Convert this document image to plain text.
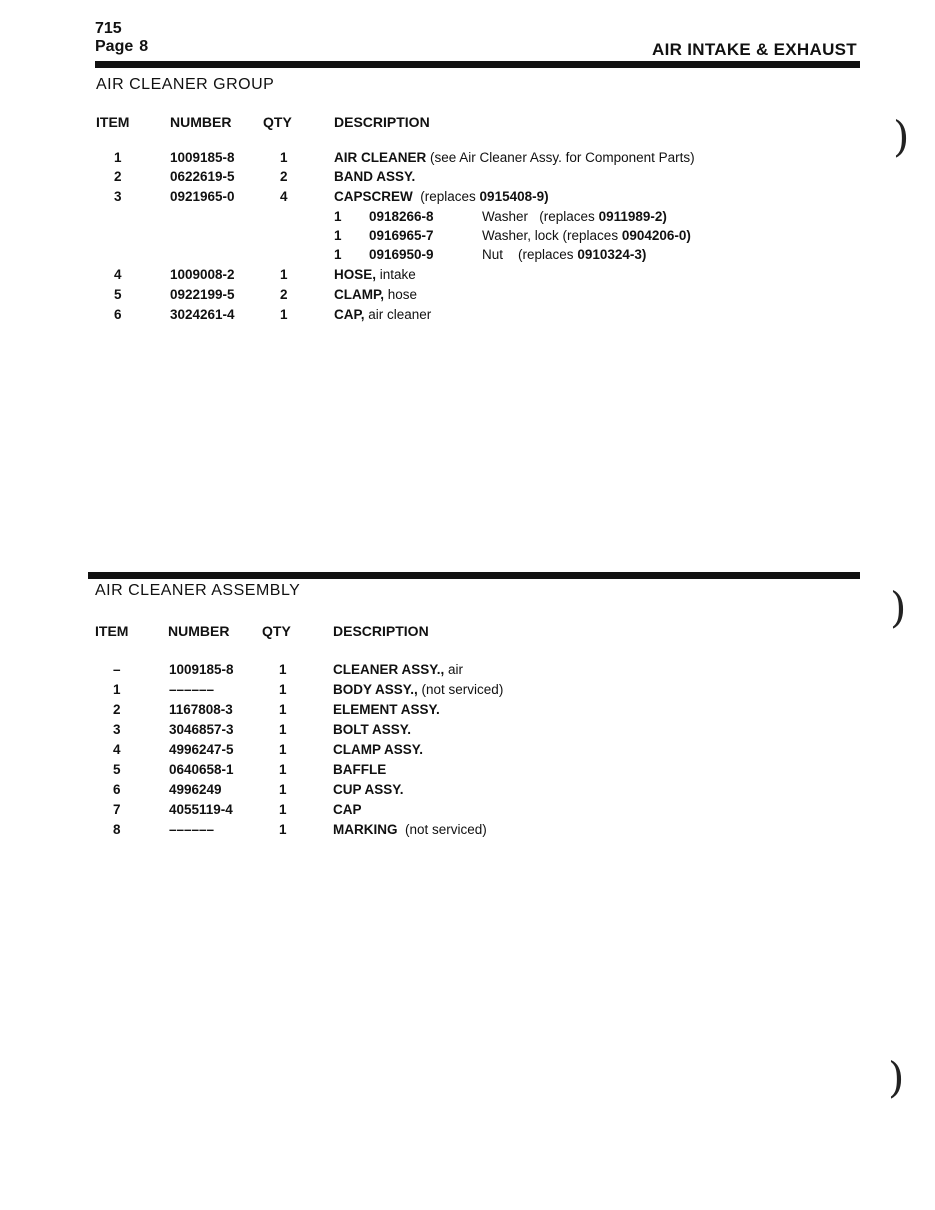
715
Page 8	AIR INTAKE & EXHAUST
AIR CLEANER GROUP
ITEM	NUMBER QTY	DESCRIPTION
1	1009185-8	1	AIR CLEANER (see Air Cleaner Assy. for Component Parts)
2	0622619-5	2	BAND ASSY.
3	0921965-0	4	CAPSCREW  (replaces 0915408-9)
1 0918266-8	Washer (replaces 0911989-2)
1 0916965-7	Washer, lock (replaces 0904206-0)
1 0916950-9	Nut (replaces 0910324-3)
4	1009008-2	1	HOSE, intake
5	0922199-5	2	CLAMP, hose
6	3024261-4	1	CAP, air cleaner
AIR CLEANER ASSEMBLY
ITEM	NUMBER QTY	DESCRIPTION
–	1009185-8	1	CLEANER ASSY., air
1	––––––	1	BODY ASSY., (not serviced)
2	1167808-3	1	ELEMENT ASSY.
3	3046857-3	1	BOLT ASSY.
4	4996247-5	1	CLAMP ASSY.
5	0640658-1	1	BAFFLE
6	4996249	1	CUP ASSY.
7	4055119-4	1	CAP
8	––––––	1	MARKING  (not serviced)
)
)
)
